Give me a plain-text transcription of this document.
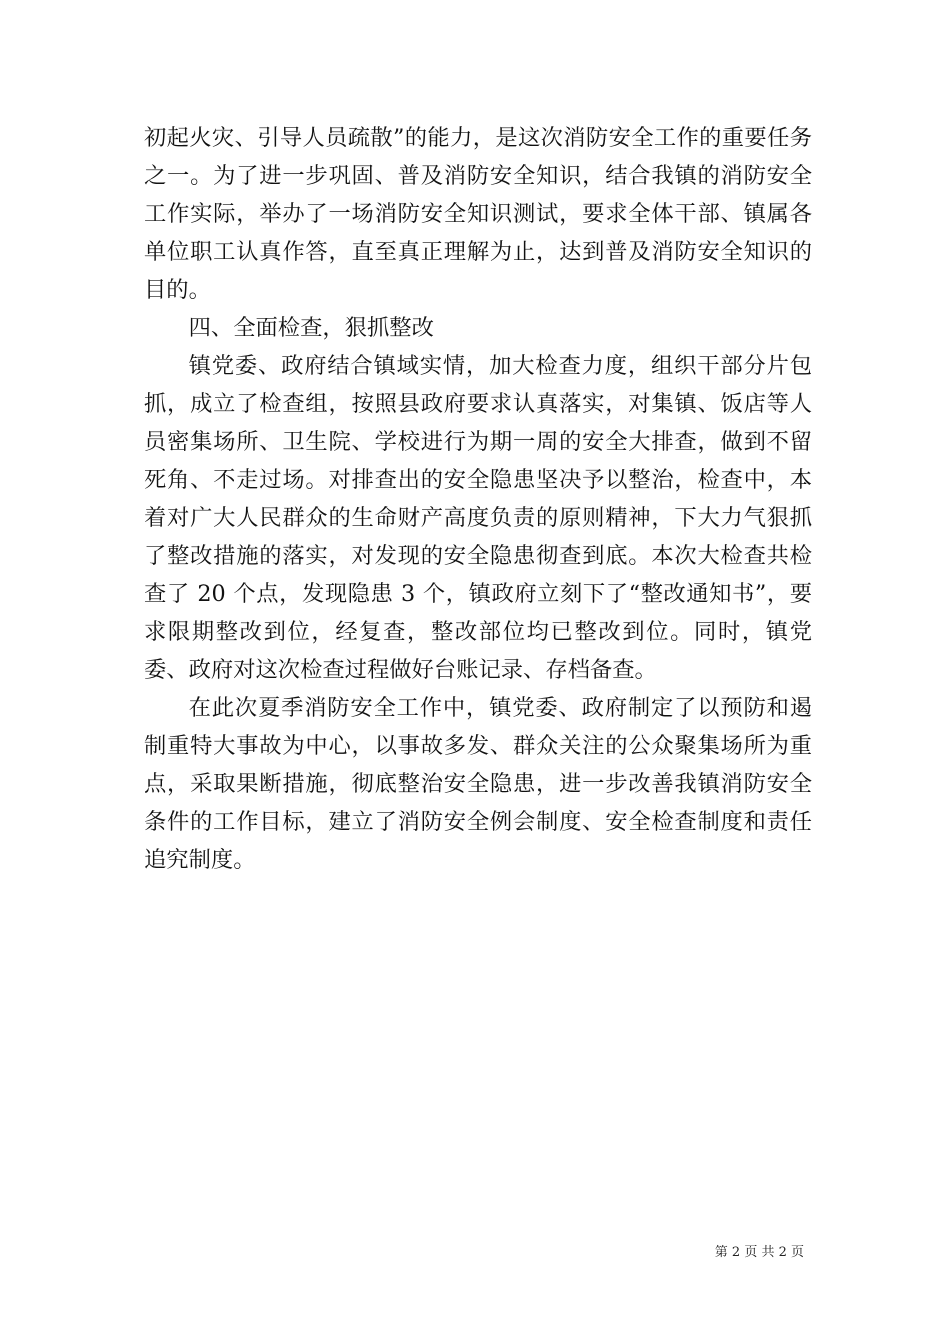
初起火灾、引导人员疏散”的能力，是这次消防安全工作的重要任务之一。为了进一步巩固、普及消防安全知识，结合我镇的消防安全工作实际，举办了一场消防安全知识测试，要求全体干部、镇属各单位职工认真作答，直至真正理解为止，达到普及消防安全知识的目的。

四、全面检查，狠抓整改

镇党委、政府结合镇域实情，加大检查力度，组织干部分片包抓，成立了检查组，按照县政府要求认真落实，对集镇、饭店等人员密集场所、卫生院、学校进行为期一周的安全大排查，做到不留死角、不走过场。对排查出的安全隐患坚决予以整治，检查中，本着对广大人民群众的生命财产高度负责的原则精神，下大力气狠抓了整改措施的落实，对发现的安全隐患彻查到底。本次大检查共检查了 20 个点，发现隐患 3 个，镇政府立刻下了“整改通知书”，要求限期整改到位，经复查，整改部位均已整改到位。同时，镇党委、政府对这次检查过程做好台账记录、存档备查。

在此次夏季消防安全工作中，镇党委、政府制定了以预防和遏制重特大事故为中心，以事故多发、群众关注的公众聚集场所为重点，采取果断措施，彻底整治安全隐患，进一步改善我镇消防安全条件的工作目标，建立了消防安全例会制度、安全检查制度和责任追究制度。

第 2 页 共 2 页
